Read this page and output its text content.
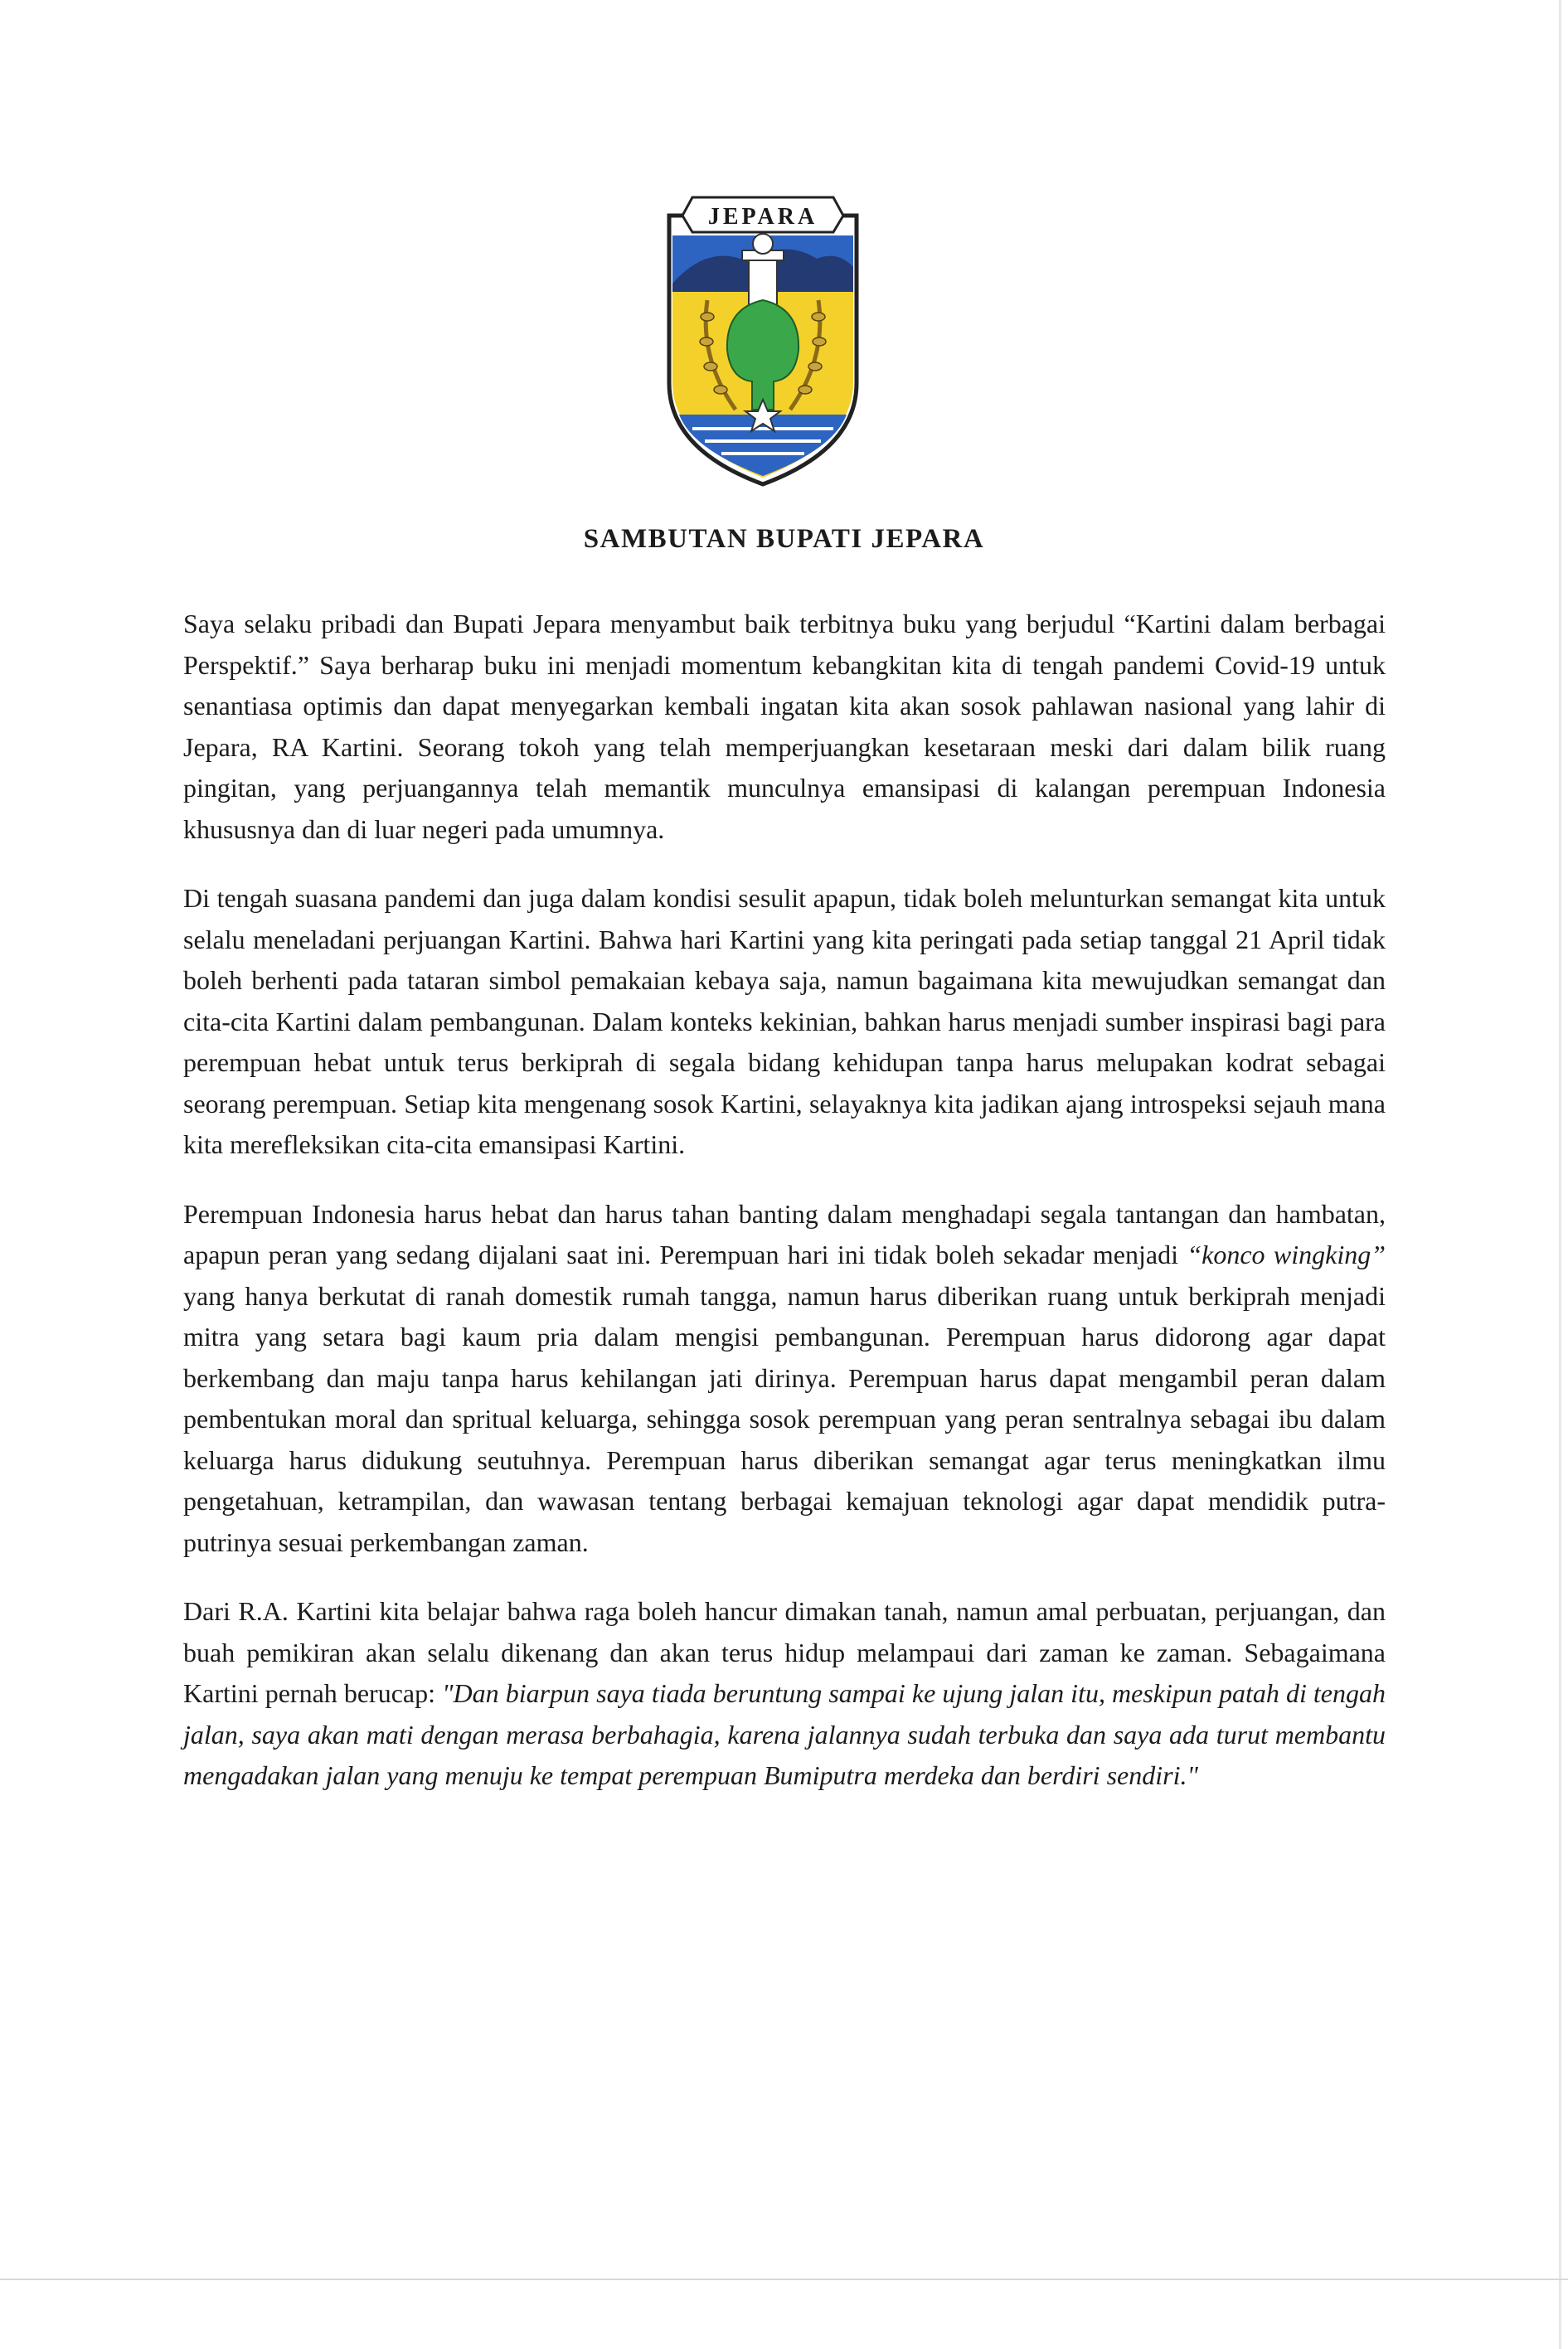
JEPARA
SAMBUTAN BUPATI JEPARA

Saya selaku pribadi dan Bupati Jepara menyambut baik terbitnya buku yang berjudul “Kartini dalam berbagai Perspektif.” Saya berharap buku ini menjadi momentum kebangkitan kita di tengah pandemi Covid-19 untuk senantiasa optimis dan dapat menyegarkan kembali ingatan kita akan sosok pahlawan nasional yang lahir di Jepara, RA Kartini. Seorang tokoh yang telah memperjuangkan kesetaraan meski dari dalam bilik ruang pingitan, yang perjuangannya telah memantik munculnya emansipasi di kalangan perempuan Indonesia khususnya dan di luar negeri pada umumnya.

Di tengah suasana pandemi dan juga dalam kondisi sesulit apapun, tidak boleh melunturkan semangat kita untuk selalu meneladani perjuangan Kartini. Bahwa hari Kartini yang kita peringati pada setiap tanggal 21 April tidak boleh berhenti pada tataran simbol pemakaian kebaya saja, namun bagaimana kita mewujudkan semangat dan cita-cita Kartini dalam pembangunan. Dalam konteks kekinian, bahkan harus menjadi sumber inspirasi bagi para perempuan hebat untuk terus berkiprah di segala bidang kehidupan tanpa harus melupakan kodrat sebagai seorang perempuan. Setiap kita mengenang sosok Kartini, selayaknya kita jadikan ajang introspeksi sejauh mana kita merefleksikan cita-cita emansipasi Kartini.

Perempuan Indonesia harus hebat dan harus tahan banting dalam menghadapi segala tantangan dan hambatan, apapun peran yang sedang dijalani saat ini. Perempuan hari ini tidak boleh sekadar menjadi “konco wingking” yang hanya berkutat di ranah domestik rumah tangga, namun harus diberikan ruang untuk berkiprah menjadi mitra yang setara bagi kaum pria dalam mengisi pembangunan. Perempuan harus didorong agar dapat berkembang dan maju tanpa harus kehilangan jati dirinya. Perempuan harus dapat mengambil peran dalam pembentukan moral dan spritual keluarga, sehingga sosok perempuan yang peran sentralnya sebagai ibu dalam keluarga harus didukung seutuhnya. Perempuan harus diberikan semangat agar terus meningkatkan ilmu pengetahuan, ketrampilan, dan wawasan tentang berbagai kemajuan teknologi agar dapat mendidik putra-putrinya sesuai perkembangan zaman.

Dari R.A. Kartini kita belajar bahwa raga boleh hancur dimakan tanah, namun amal perbuatan, perjuangan, dan buah pemikiran akan selalu dikenang dan akan terus hidup melampaui dari zaman ke zaman. Sebagaimana Kartini pernah berucap: "Dan biarpun saya tiada beruntung sampai ke ujung jalan itu, meskipun patah di tengah jalan, saya akan mati dengan merasa berbahagia, karena jalannya sudah terbuka dan saya ada turut membantu mengadakan jalan yang menuju ke tempat perempuan Bumiputra merdeka dan berdiri sendiri."
